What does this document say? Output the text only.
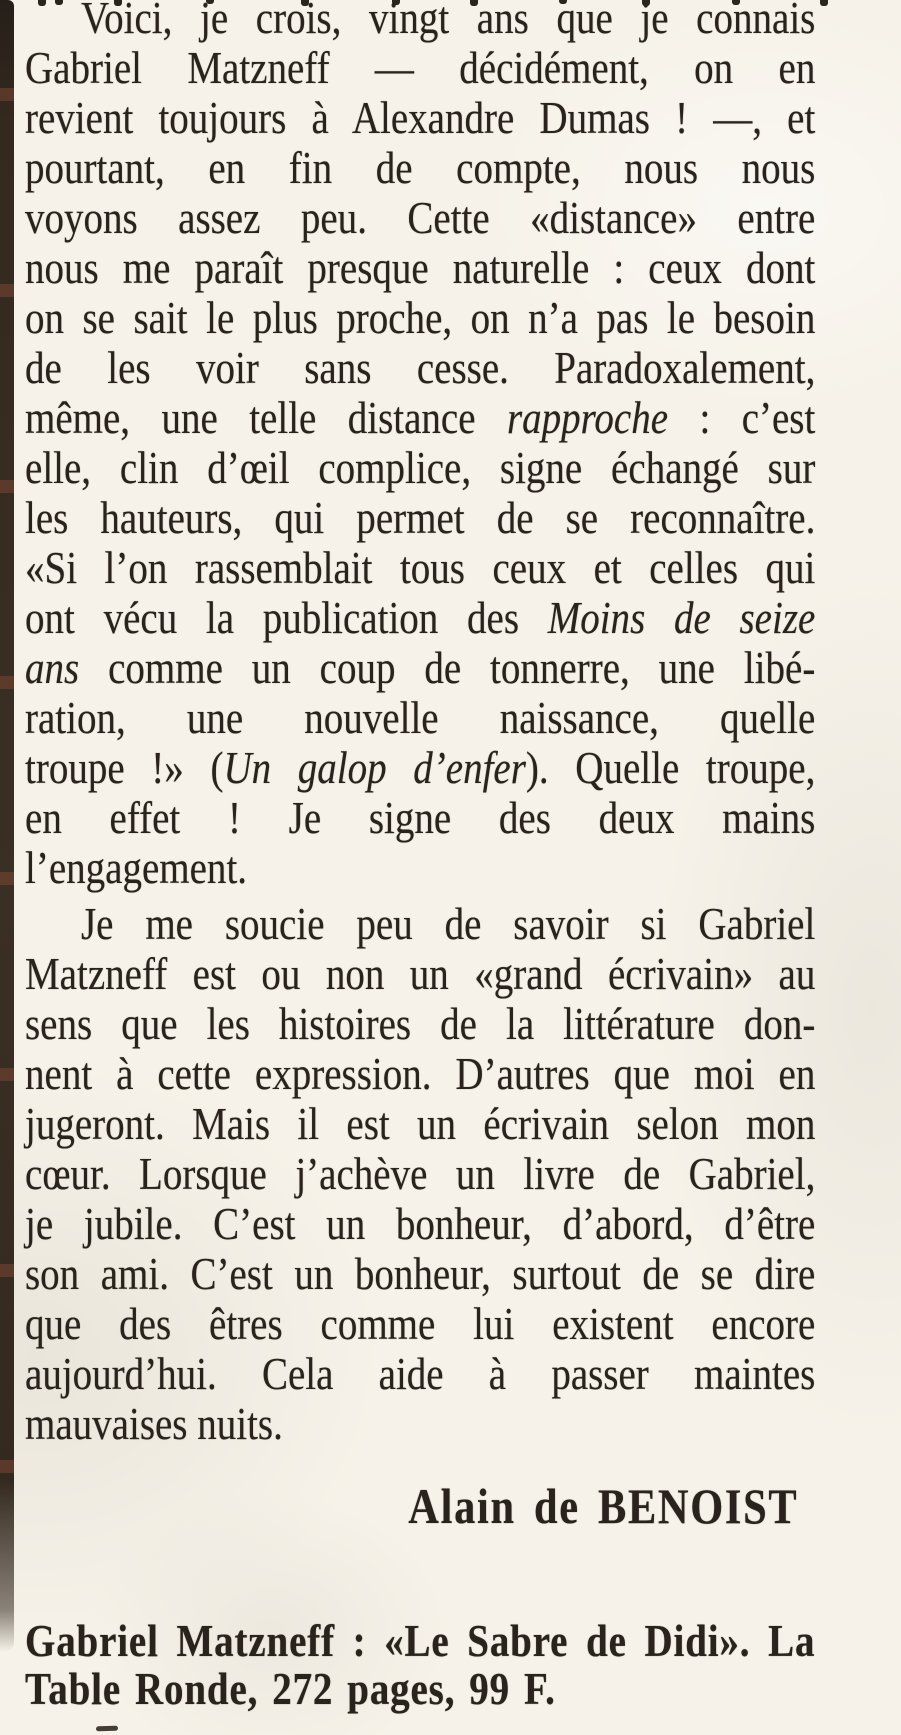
Voici, je crois, vingt ans que je connais
Gabriel Matzneff — décidément, on en
revient toujours à Alexandre Dumas ! —, et
pourtant, en fin de compte, nous nous
voyons assez peu. Cette «distance» entre
nous me paraît presque naturelle : ceux dont
on se sait le plus proche, on n’a pas le besoin
de les voir sans cesse. Paradoxalement,
même, une telle distance rapproche : c’est
elle, clin d’œil complice, signe échangé sur
les hauteurs, qui permet de se reconnaître.
«Si l’on rassemblait tous ceux et celles qui
ont vécu la publication des Moins de seize
ans comme un coup de tonnerre, une libé-
ration, une nouvelle naissance, quelle
troupe !» (Un galop d’enfer). Quelle troupe,
en effet ! Je signe des deux mains
l’engagement.
Je me soucie peu de savoir si Gabriel
Matzneff est ou non un «grand écrivain» au
sens que les histoires de la littérature don-
nent à cette expression. D’autres que moi en
jugeront. Mais il est un écrivain selon mon
cœur. Lorsque j’achève un livre de Gabriel,
je jubile. C’est un bonheur, d’abord, d’être
son ami. C’est un bonheur, surtout de se dire
que des êtres comme lui existent encore
aujourd’hui. Cela aide à passer maintes
mauvaises nuits.
Alain de BENOIST
Gabriel Matzneff : «Le Sabre de Didi». La
Table Ronde, 272 pages, 99 F.
